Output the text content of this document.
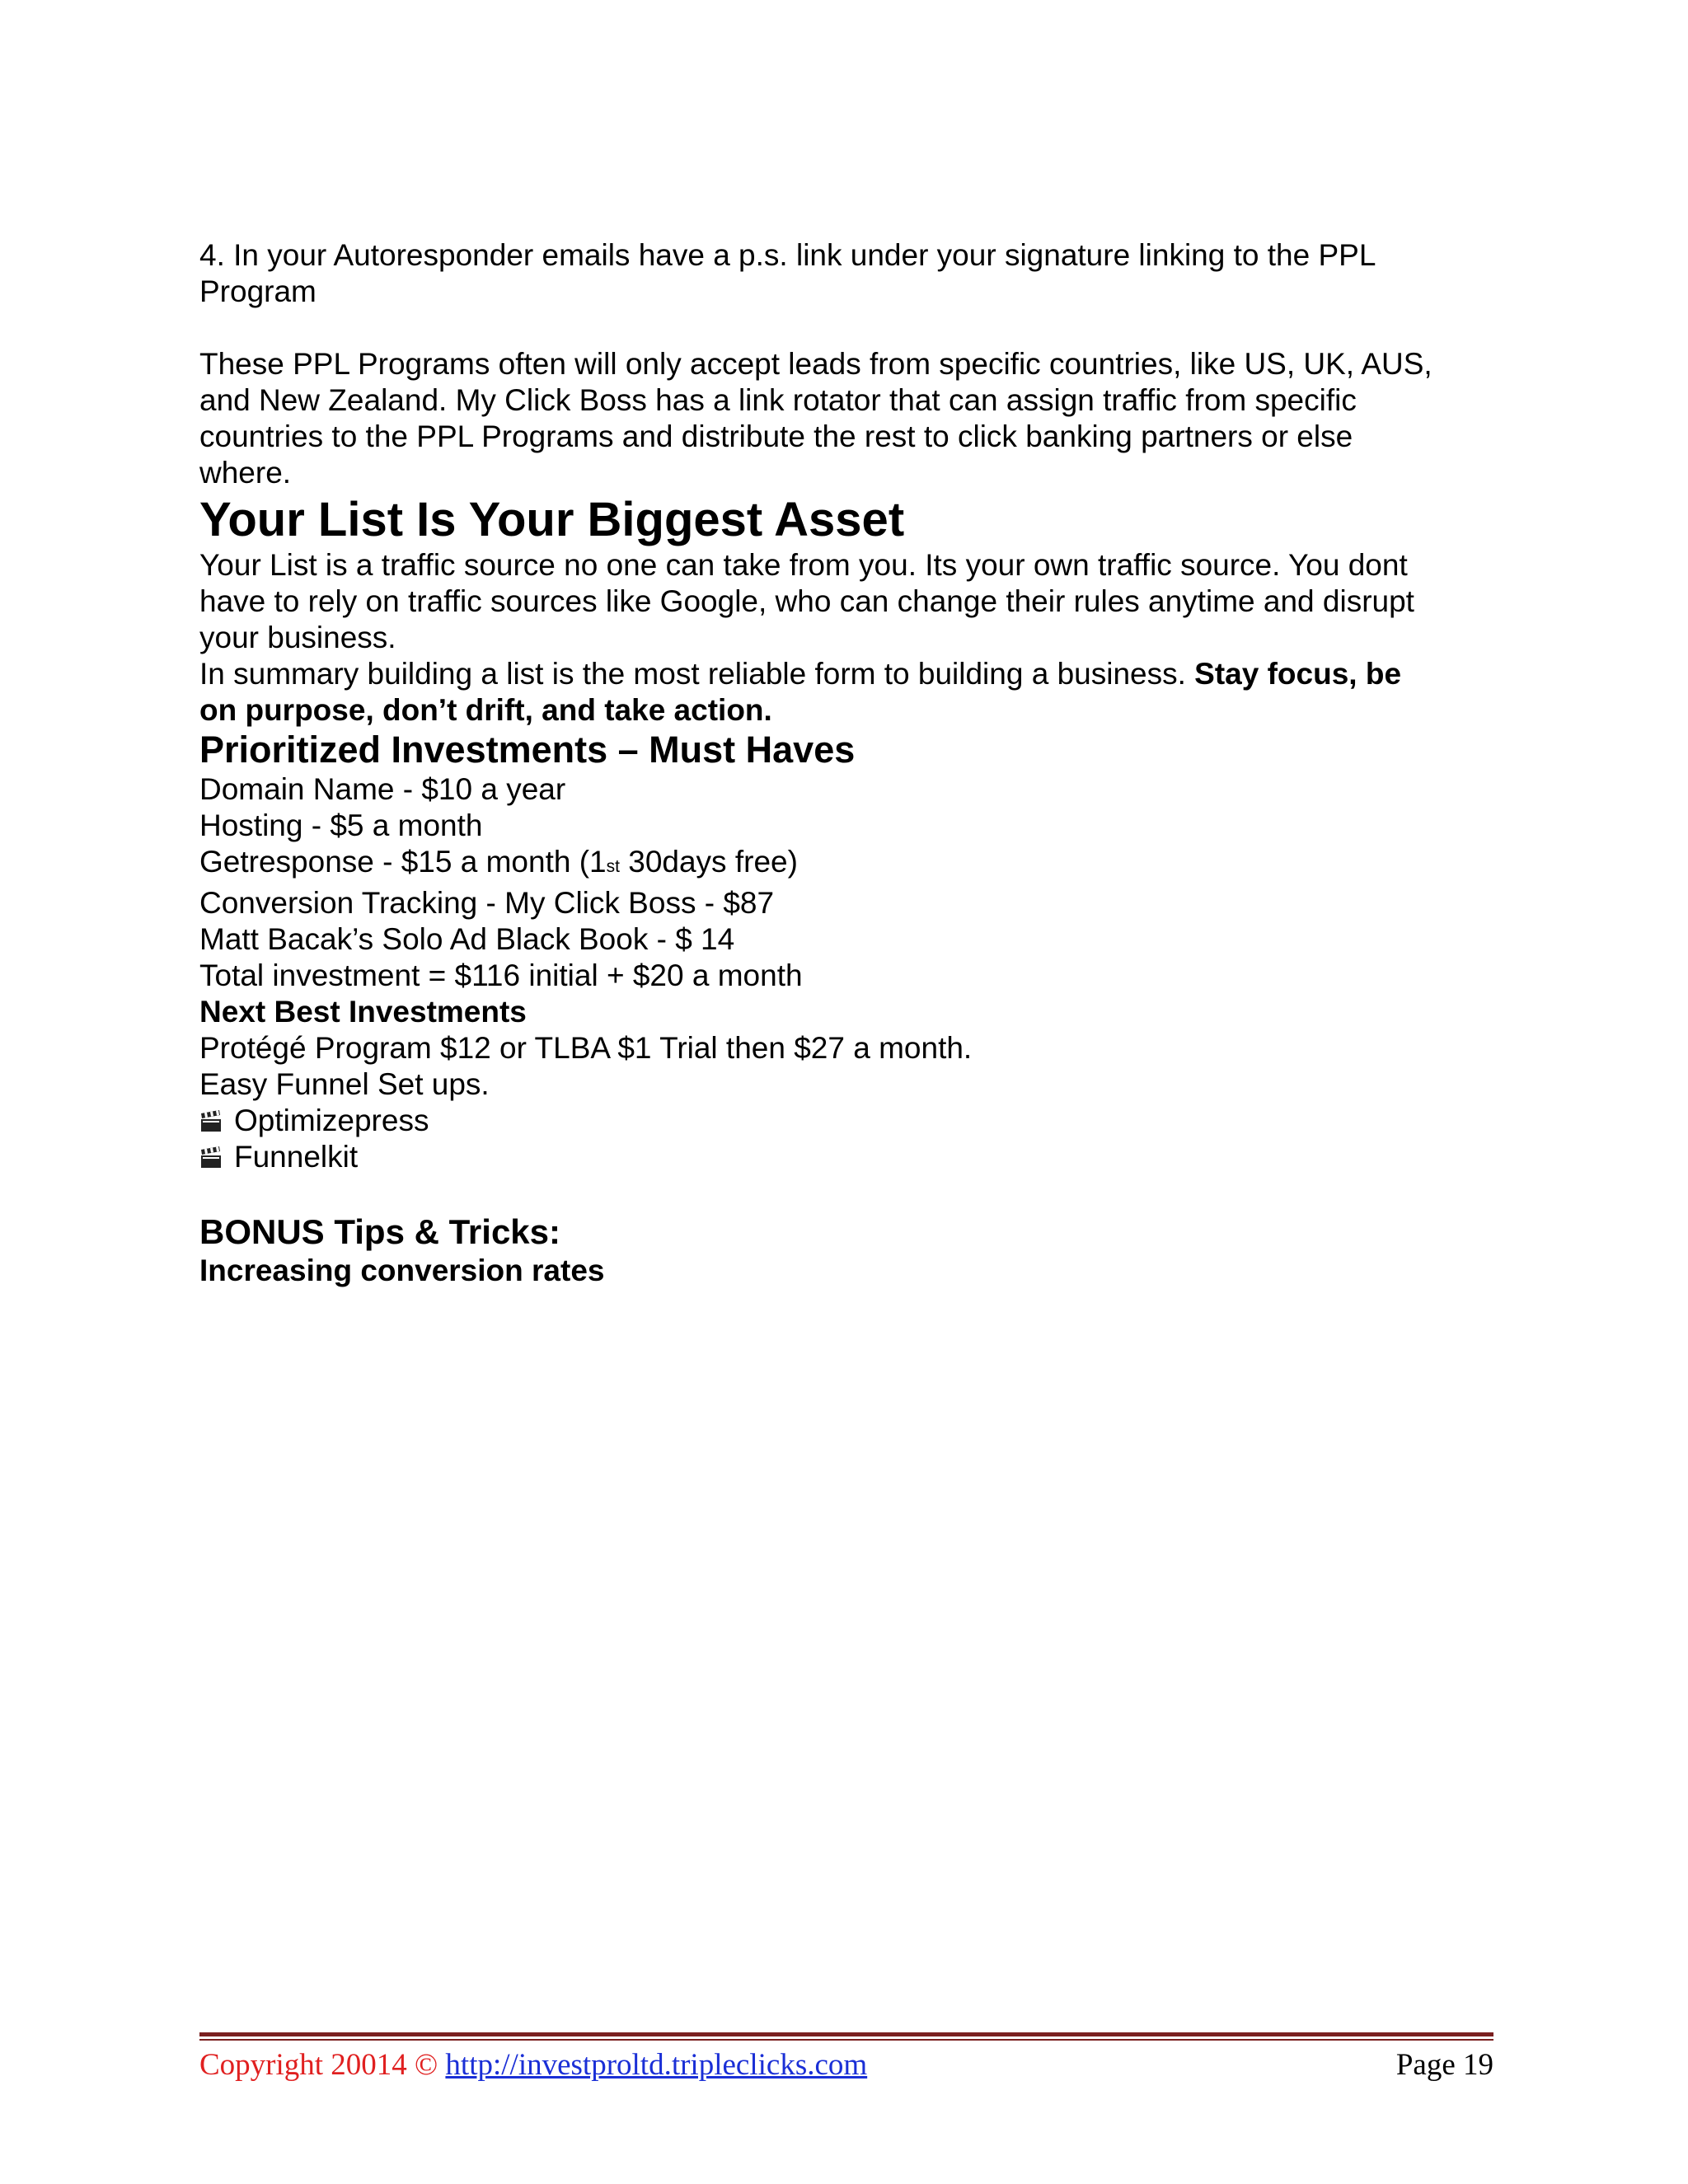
4. In your Autoresponder emails have a p.s. link under your signature linking to the PPL
Program
These PPL Programs often will only accept leads from specific countries, like US, UK, AUS,
and New Zealand. My Click Boss has a link rotator that can assign traffic from specific
countries to the PPL Programs and distribute the rest to click banking partners or else
where.
Your List Is Your Biggest Asset
Your List is a traffic source no one can take from you. Its your own traffic source. You dont
have to rely on traffic sources like Google, who can change their rules anytime and disrupt
your business.
In summary building a list is the most reliable form to building a business. Stay focus, be
on purpose, don’t drift, and take action.
Prioritized Investments – Must Haves
Domain Name - $10 a year
Hosting - $5 a month
Getresponse - $15 a month (1st 30days free)
Conversion Tracking - My Click Boss - $87
Matt Bacak’s Solo Ad Black Book - $ 14
Total investment = $116 initial + $20 a month
Next Best Investments
Protégé Program $12 or TLBA $1 Trial then $27 a month.
Easy Funnel Set ups.
Optimizepress
Funnelkit
BONUS Tips & Tricks:
Increasing conversion rates
Copyright 20014 © http://investproltd.tripleclicks.com	Page 19
